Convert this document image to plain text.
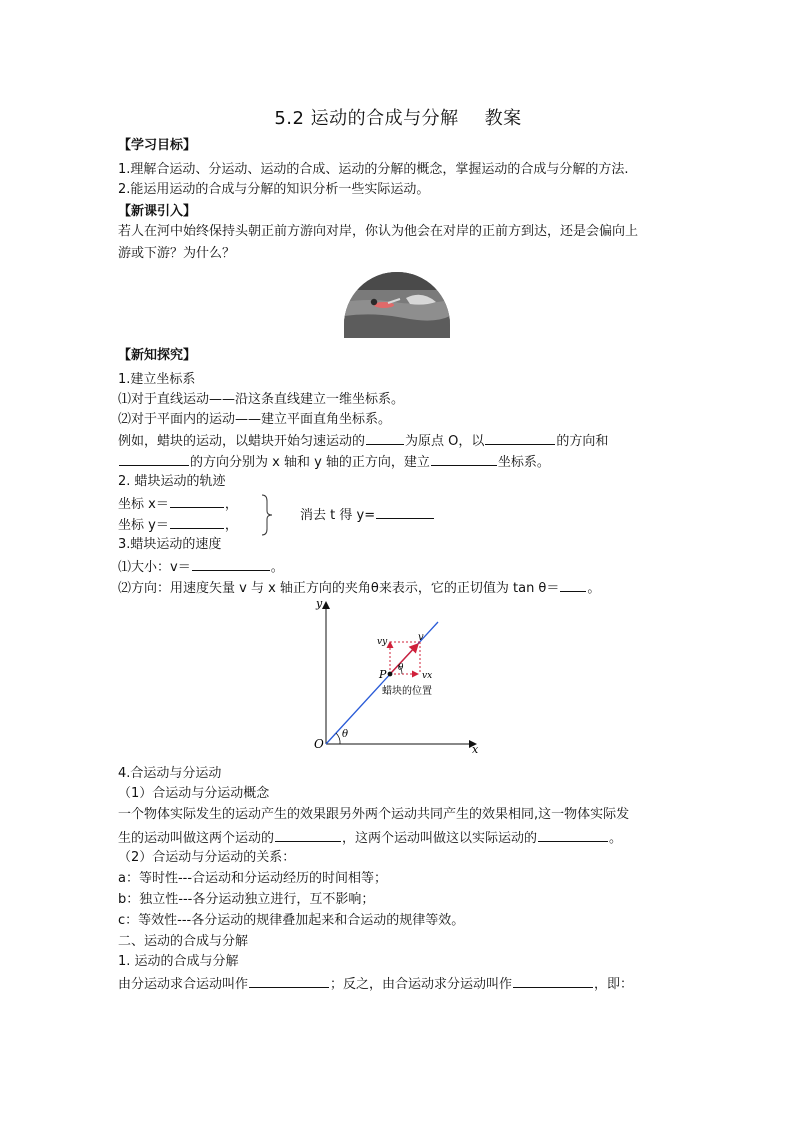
5.2 运动的合成与分解 教案
【学习目标】
1.理解合运动、分运动、运动的合成、运动的分解的概念，掌握运动的合成与分解的方法.
2.能运用运动的合成与分解的知识分析一些实际运动。
【新课引入】
若人在河中始终保持头朝正前方游向对岸，你认为他会在对岸的正前方到达，还是会偏向上
游或下游？为什么？
【新知探究】
1.建立坐标系
⑴对于直线运动——沿这条直线建立一维坐标系。
⑵对于平面内的运动——建立平面直角坐标系。
例如，蜡块的运动，以蜡块开始匀速运动的	为原点 O，以	的方向和
的方向分别为 x 轴和 y 轴的正方向，建立	坐标系。
2. 蜡块运动的轨迹
坐标 x＝	，
坐标 y＝	，
消去 t 得 y=
3.蜡块运动的速度
⑴大小：v＝	。
⑵方向：用速度矢量 v 与 x 轴正方向的夹角θ来表示，它的正切值为 tan θ＝ 。
y
x
O
θ
θ
P
v
vy
vx
蜡块的位置
4.合运动与分运动
（1）合运动与分运动概念
一个物体实际发生的运动产生的效果跟另外两个运动共同产生的效果相同,这一物体实际发
生的运动叫做这两个运动的	，这两个运动叫做这以实际运动的	。
（2）合运动与分运动的关系：
a：等时性---合运动和分运动经历的时间相等；
b：独立性---各分运动独立进行，互不影响；
c：等效性---各分运动的规律叠加起来和合运动的规律等效。
二、运动的合成与分解
1. 运动的合成与分解
由分运动求合运动叫作	；反之，由合运动求分运动叫作	，即：
